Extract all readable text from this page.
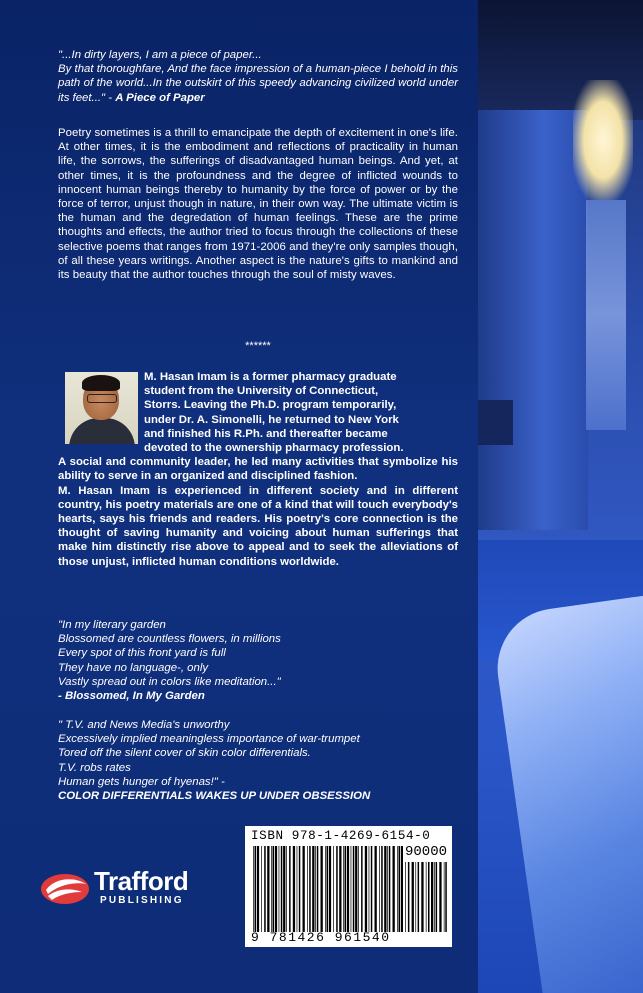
"...In dirty layers, I am a piece of paper...
By that thoroughfare, And the face impression of a human-piece I behold in this path of the world...In the outskirt of this speedy advancing civilized world under its feet..." - A Piece of Paper
Poetry sometimes is a thrill to emancipate the depth of excitement in one's life. At other times, it is the embodiment and reflections of practicality in human life, the sorrows, the sufferings of disadvantaged human beings. And yet, at other times, it is the profoundness and the degree of inflicted wounds to innocent human beings thereby to humanity by the force of power or by the force of terror, unjust though in nature, in their own way. The ultimate victim is the human and the degredation of human feelings. These are the prime thoughts and effects, the author tried to focus through the collections of these selective poems that ranges from 1971-2006 and they're only samples though, of all these years writings. Another aspect is the nature's gifts to mankind and its beauty that the author touches through the soul of misty waves.
******
M. Hasan Imam is a former pharmacy graduate
student from the University of Connecticut,
Storrs. Leaving the Ph.D. program temporarily,
under Dr. A. Simonelli, he returned to New York
and finished his R.Ph. and thereafter became
devoted to the ownership pharmacy profession.
A social and community leader, he led many activities that symbolize his ability to serve in an organized and disciplined fashion.
M. Hasan Imam is experienced in different society and in different country, his poetry materials are one of a kind that will touch everybody's hearts, says his friends and readers. His poetry's core connection is the thought of saving humanity and voicing about human sufferings that make him distinctly rise above to appeal and to seek the alleviations of those unjust, inflicted human conditions worldwide.
"In my literary garden
Blossomed are countless flowers, in millions
Every spot of this front yard is full
They have no language-, only
Vastly spread out in colors like meditation..."
- Blossomed, In My Garden
" T.V. and News Media's unworthy
Excessively implied meaningless importance of war-trumpet
Tored off the silent cover of skin color differentials.
T.V. robs rates
Human gets hunger of hyenas!" -
COLOR DIFFERENTIALS WAKES UP UNDER OBSESSION
Trafford
PUBLISHING
ISBN 978-1-4269-6154-0
90000
9 781426 961540
